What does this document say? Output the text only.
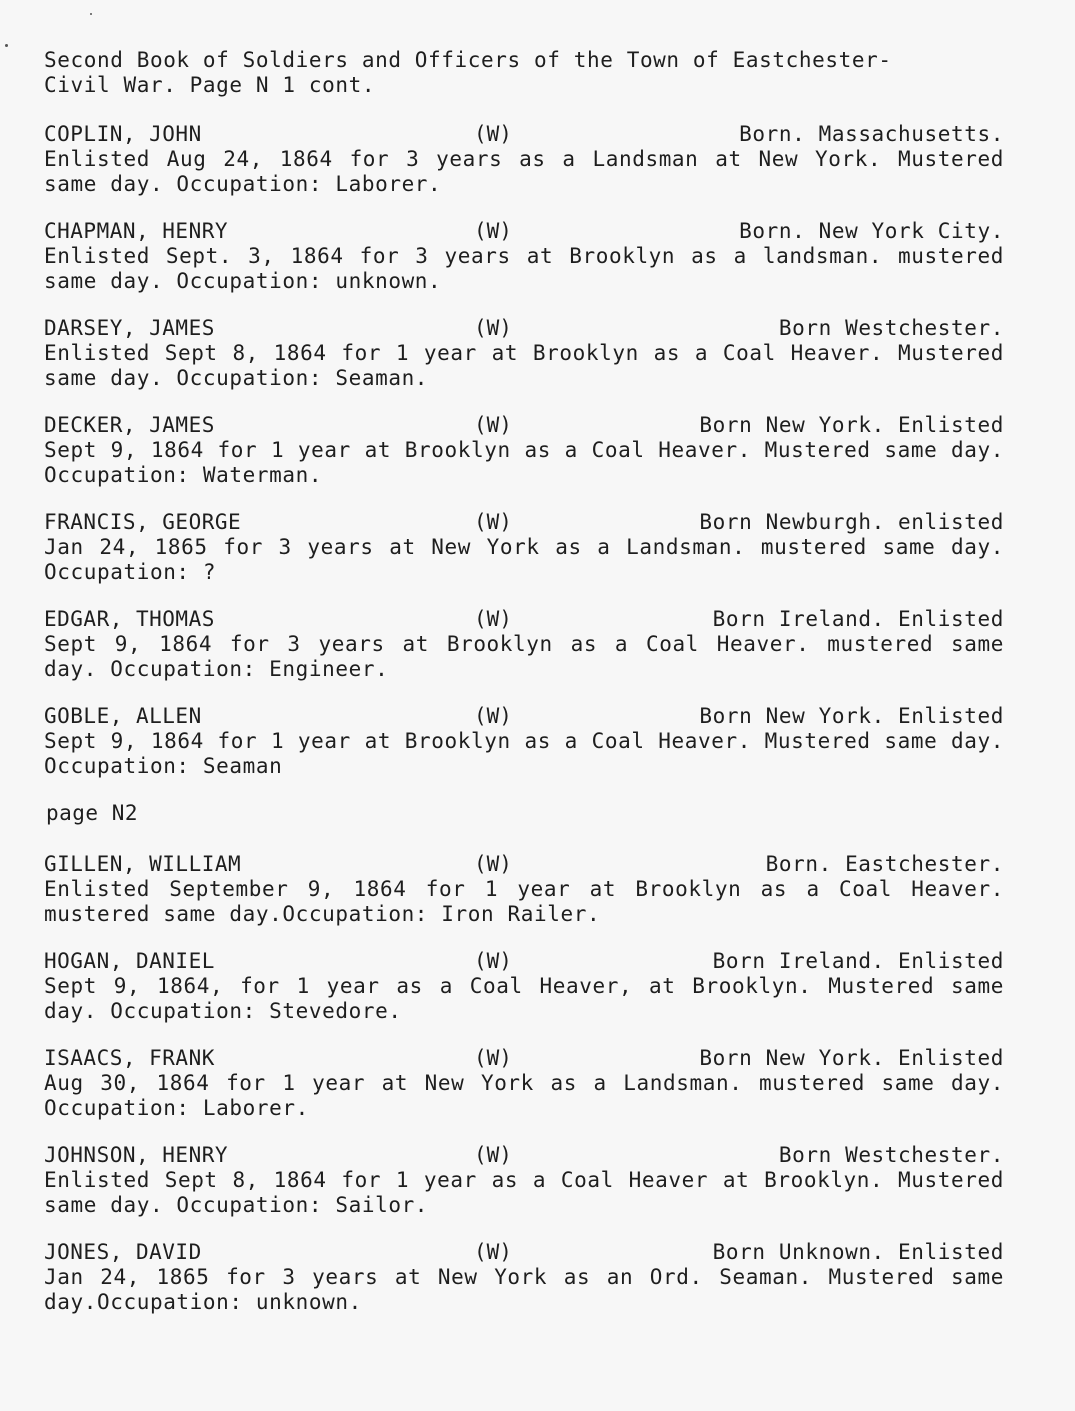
Second Book of Soldiers and Officers of the Town of Eastchester-
Civil War. Page N 1 cont.
COPLIN, JOHN	(W)	Born. Massachusetts.
Enlisted Aug 24, 1864 for 3 years as a Landsman at New York. Mustered same day. Occupation: Laborer.
CHAPMAN, HENRY	(W)	Born. New York City.
Enlisted Sept. 3, 1864 for 3 years at Brooklyn as a landsman. mustered same day. Occupation: unknown.
DARSEY, JAMES	(W)	Born Westchester.
Enlisted Sept 8, 1864 for 1 year at Brooklyn as a Coal Heaver. Mustered same day. Occupation: Seaman.
DECKER, JAMES	(W)	Born New York. Enlisted
Sept 9, 1864 for 1 year at Brooklyn as a Coal Heaver. Mustered same day. Occupation: Waterman.
FRANCIS, GEORGE	(W)	Born Newburgh. enlisted
Jan 24, 1865 for 3 years at New York as a Landsman. mustered same day. Occupation: ?
EDGAR, THOMAS	(W)	Born Ireland. Enlisted
Sept 9, 1864 for 3 years at Brooklyn as a Coal Heaver. mustered same day. Occupation: Engineer.
GOBLE, ALLEN	(W)	Born New York. Enlisted
Sept 9, 1864 for 1 year at Brooklyn as a Coal Heaver. Mustered same day. Occupation: Seaman
page N2
GILLEN, WILLIAM	(W)	Born. Eastchester.
Enlisted September 9, 1864 for 1 year at Brooklyn as a Coal Heaver. mustered same day.Occupation: Iron Railer.
HOGAN, DANIEL	(W)	Born Ireland. Enlisted
Sept 9, 1864, for 1 year as a Coal Heaver, at Brooklyn. Mustered same day. Occupation: Stevedore.
ISAACS, FRANK	(W)	Born New York. Enlisted
Aug 30, 1864 for 1 year at New York as a Landsman. mustered same day. Occupation: Laborer.
JOHNSON, HENRY	(W)	Born Westchester.
Enlisted Sept 8, 1864 for 1 year as a Coal Heaver at Brooklyn. Mustered same day. Occupation: Sailor.
JONES, DAVID	(W)	Born Unknown. Enlisted
Jan 24, 1865 for 3 years at New York as an Ord. Seaman. Mustered same day.Occupation: unknown.
